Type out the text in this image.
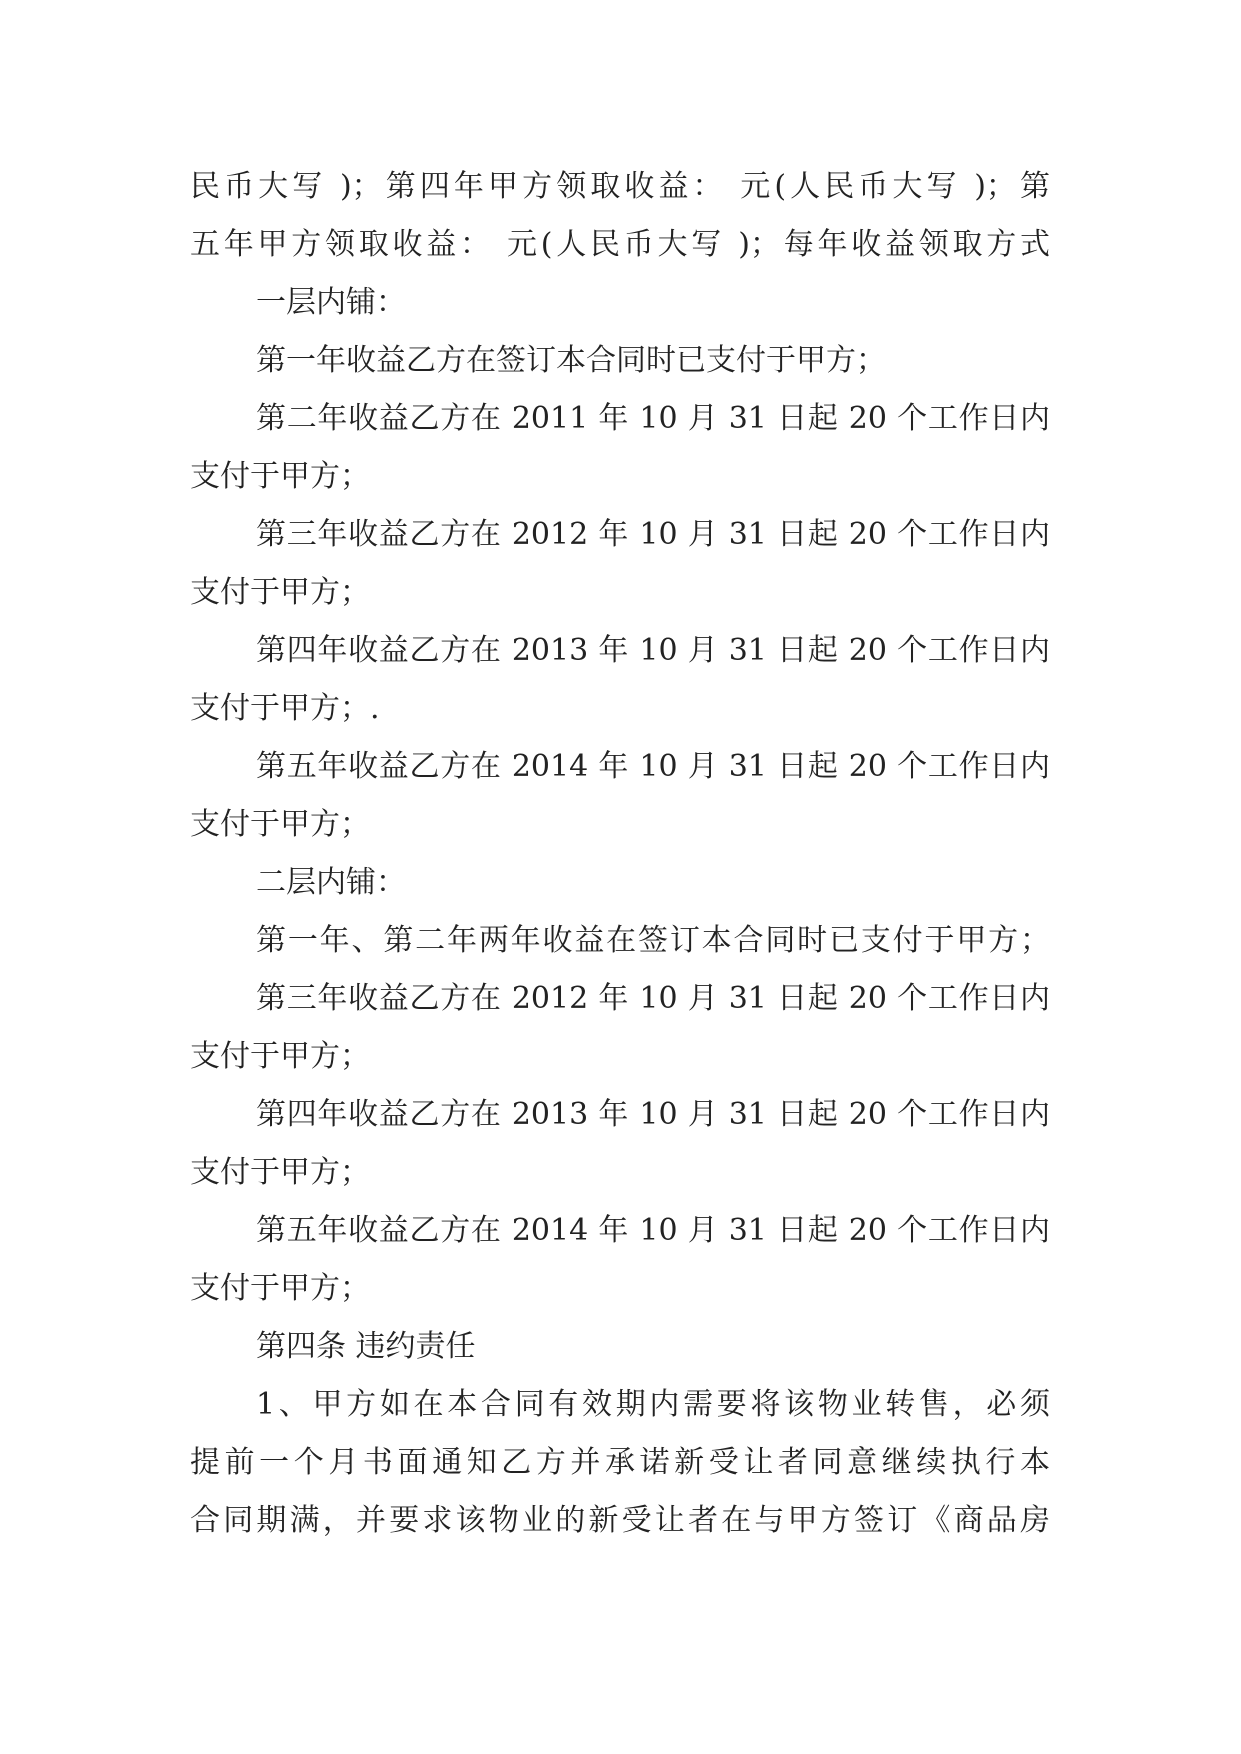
民币大写 )；第四年甲方领取收益： 元(人民币大写 )；第
五年甲方领取收益： 元(人民币大写 )；每年收益领取方式
一层内铺：
第一年收益乙方在签订本合同时已支付于甲方；
第二年收益乙方在 2011 年 10 月 31 日起 20 个工作日内
支付于甲方；
第三年收益乙方在 2012 年 10 月 31 日起 20 个工作日内
支付于甲方；
第四年收益乙方在 2013 年 10 月 31 日起 20 个工作日内
支付于甲方；.
第五年收益乙方在 2014 年 10 月 31 日起 20 个工作日内
支付于甲方；
二层内铺：
第一年、第二年两年收益在签订本合同时已支付于甲方；
第三年收益乙方在 2012 年 10 月 31 日起 20 个工作日内
支付于甲方；
第四年收益乙方在 2013 年 10 月 31 日起 20 个工作日内
支付于甲方；
第五年收益乙方在 2014 年 10 月 31 日起 20 个工作日内
支付于甲方；
第四条 违约责任
1、甲方如在本合同有效期内需要将该物业转售，必须
提前一个月书面通知乙方并承诺新受让者同意继续执行本
合同期满，并要求该物业的新受让者在与甲方签订《商品房
